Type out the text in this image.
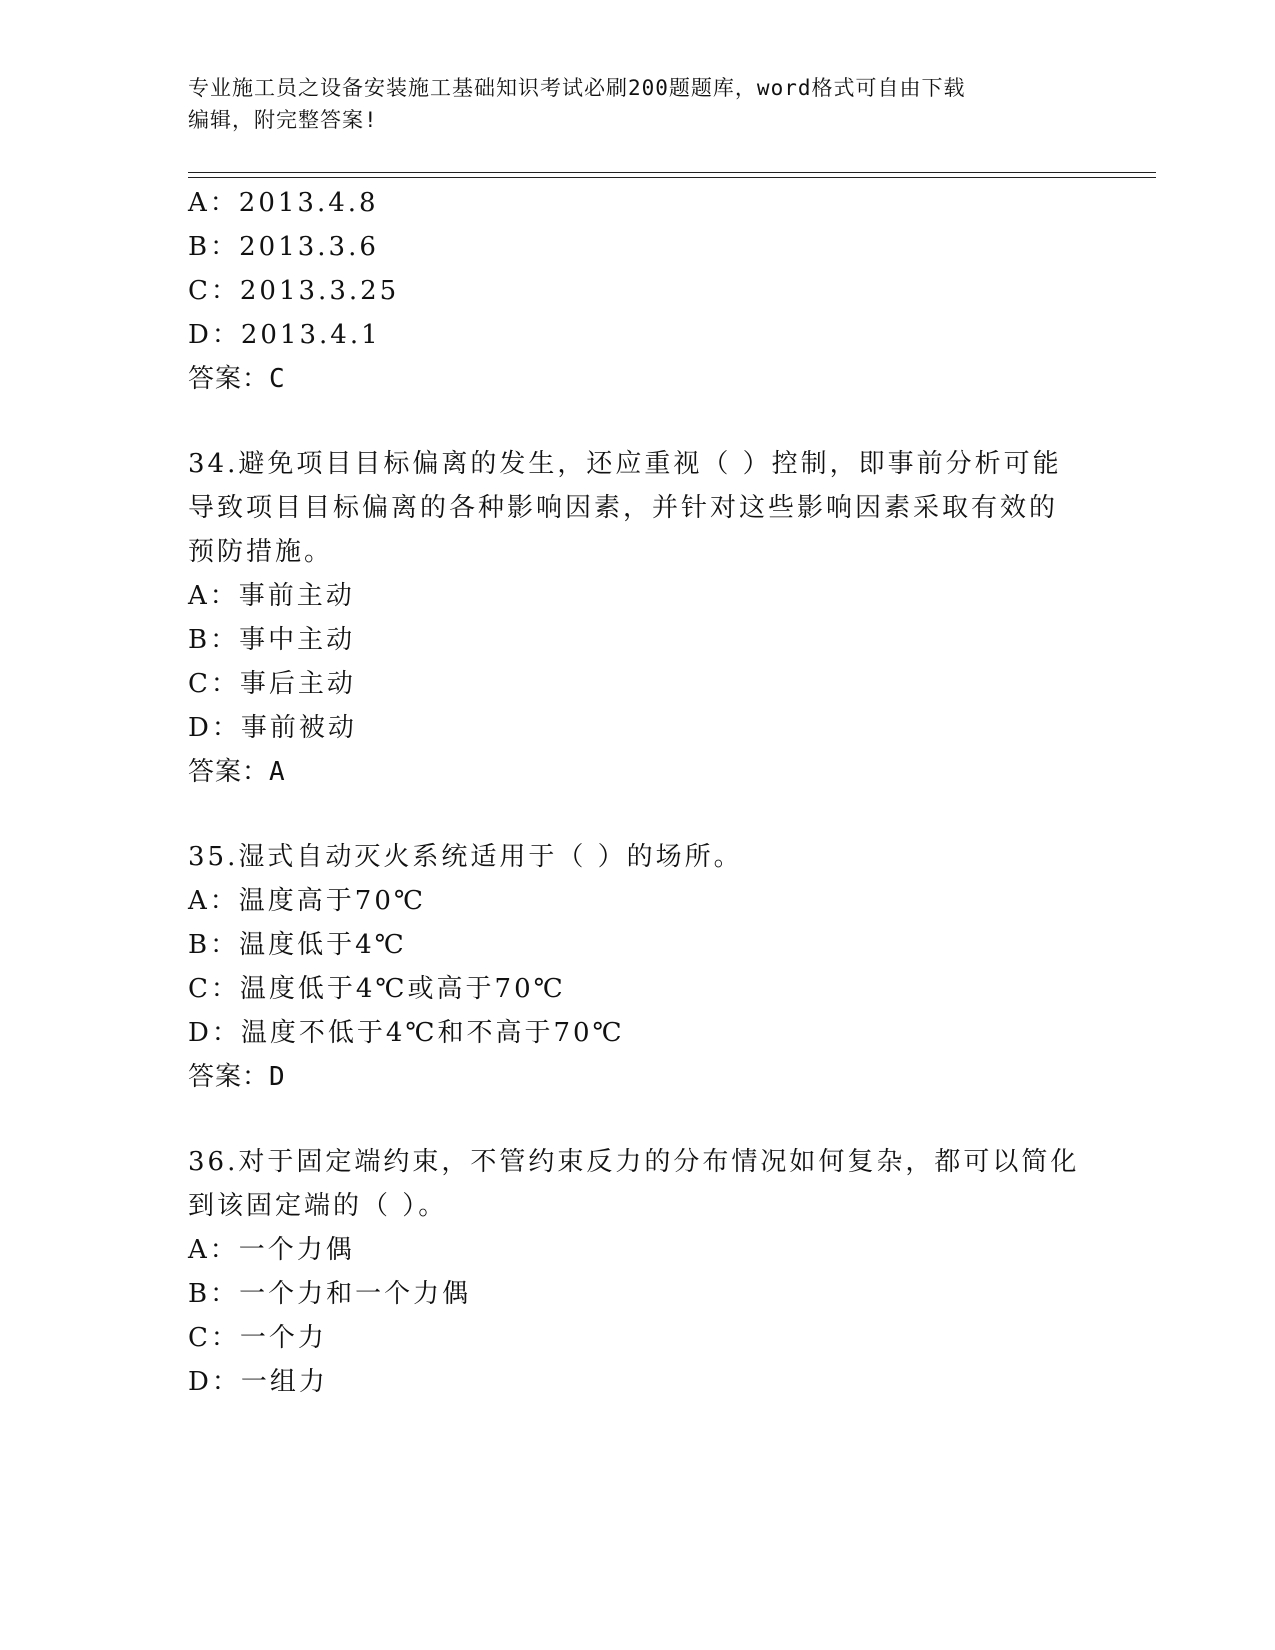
专业施工员之设备安装施工基础知识考试必刷200题题库，word格式可自由下载
编辑，附完整答案!
A：2013.4.8
B：2013.3.6
C：2013.3.25
D：2013.4.1
答案：C
34.避免项目目标偏离的发生，还应重视（ ）控制，即事前分析可能
导致项目目标偏离的各种影响因素，并针对这些影响因素采取有效的
预防措施。
A：事前主动
B：事中主动
C：事后主动
D：事前被动
答案：A
35.湿式自动灭火系统适用于（ ）的场所。
A：温度高于70℃
B：温度低于4℃
C：温度低于4℃或高于70℃
D：温度不低于4℃和不高于70℃
答案：D
36.对于固定端约束，不管约束反力的分布情况如何复杂，都可以简化
到该固定端的（ ）。
A：一个力偶
B：一个力和一个力偶
C：一个力
D：一组力
